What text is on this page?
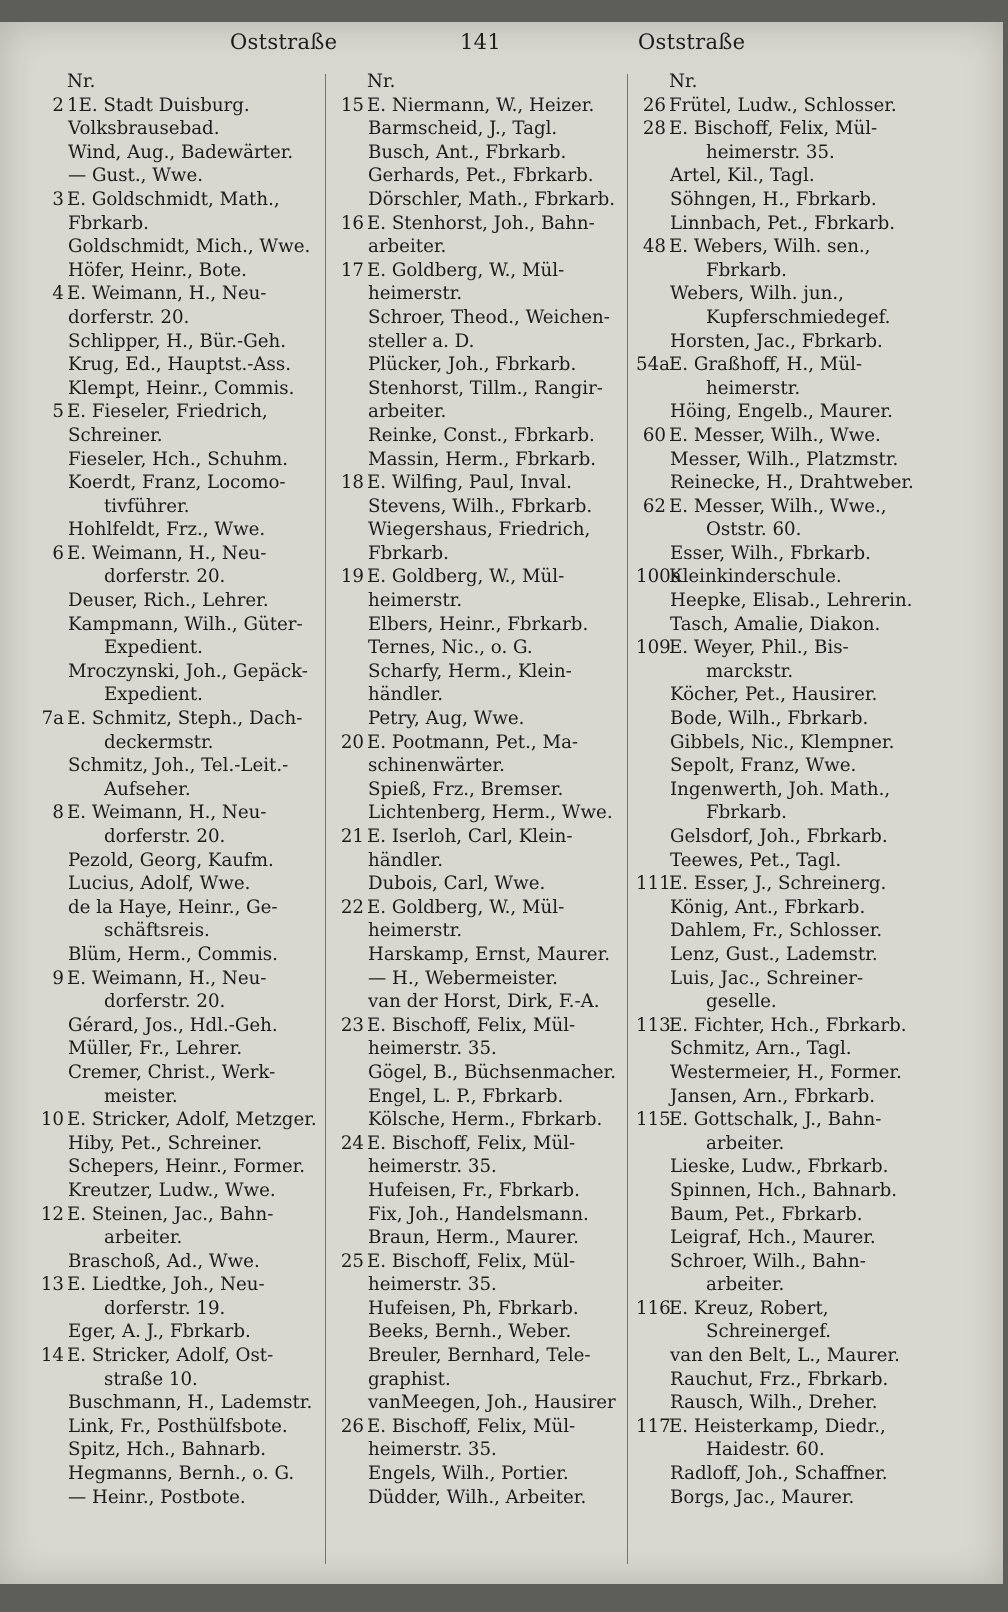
Oststraße	141	Oststraße
Nr.
2 1E. Stadt Duisburg.
Volksbrausebad.
Wind, Aug., Badewärter.
— Gust., Wwe.
3 E. Goldschmidt, Math.,
Fbrkarb.
Goldschmidt, Mich., Wwe.
Höfer, Heinr., Bote.
4 E. Weimann, H., Neu-
dorferstr. 20.
Schlipper, H., Bür.-Geh.
Krug, Ed., Hauptst.-Ass.
Klempt, Heinr., Commis.
5 E. Fieseler, Friedrich,
Schreiner.
Fieseler, Hch., Schuhm.
Koerdt, Franz, Locomo-
tivführer.
Hohlfeldt, Frz., Wwe.
6 E. Weimann, H., Neu-
dorferstr. 20.
Deuser, Rich., Lehrer.
Kampmann, Wilh., Güter-
Expedient.
Mroczynski, Joh., Gepäck-
Expedient.
7a E. Schmitz, Steph., Dach-
deckermstr.
Schmitz, Joh., Tel.-Leit.-
Aufseher.
8 E. Weimann, H., Neu-
dorferstr. 20.
Pezold, Georg, Kaufm.
Lucius, Adolf, Wwe.
de la Haye, Heinr., Ge-
schäftsreis.
Blüm, Herm., Commis.
9 E. Weimann, H., Neu-
dorferstr. 20.
Gérard, Jos., Hdl.-Geh.
Müller, Fr., Lehrer.
Cremer, Christ., Werk-
meister.
10 E. Stricker, Adolf, Metzger.
Hiby, Pet., Schreiner.
Schepers, Heinr., Former.
Kreutzer, Ludw., Wwe.
12 E. Steinen, Jac., Bahn-
arbeiter.
Braschoß, Ad., Wwe.
13 E. Liedtke, Joh., Neu-
dorferstr. 19.
Eger, A. J., Fbrkarb.
14 E. Stricker, Adolf, Ost-
straße 10.
Buschmann, H., Lademstr.
Link, Fr., Posthülfsbote.
Spitz, Hch., Bahnarb.
Hegmanns, Bernh., o. G.
— Heinr., Postbote.
Nr.
15 E. Niermann, W., Heizer.
Barmscheid, J., Tagl.
Busch, Ant., Fbrkarb.
Gerhards, Pet., Fbrkarb.
Dörschler, Math., Fbrkarb.
16 E. Stenhorst, Joh., Bahn-
arbeiter.
17 E. Goldberg, W., Mül-
heimerstr.
Schroer, Theod., Weichen-
steller a. D.
Plücker, Joh., Fbrkarb.
Stenhorst, Tillm., Rangir-
arbeiter.
Reinke, Const., Fbrkarb.
Massin, Herm., Fbrkarb.
18 E. Wilfing, Paul, Inval.
Stevens, Wilh., Fbrkarb.
Wiegershaus, Friedrich,
Fbrkarb.
19 E. Goldberg, W., Mül-
heimerstr.
Elbers, Heinr., Fbrkarb.
Ternes, Nic., o. G.
Scharfy, Herm., Klein-
händler.
Petry, Aug, Wwe.
20 E. Pootmann, Pet., Ma-
schinenwärter.
Spieß, Frz., Bremser.
Lichtenberg, Herm., Wwe.
21 E. Iserloh, Carl, Klein-
händler.
Dubois, Carl, Wwe.
22 E. Goldberg, W., Mül-
heimerstr.
Harskamp, Ernst, Maurer.
— H., Webermeister.
van der Horst, Dirk, F.-A.
23 E. Bischoff, Felix, Mül-
heimerstr. 35.
Gögel, B., Büchsenmacher.
Engel, L. P., Fbrkarb.
Kölsche, Herm., Fbrkarb.
24 E. Bischoff, Felix, Mül-
heimerstr. 35.
Hufeisen, Fr., Fbrkarb.
Fix, Joh., Handelsmann.
Braun, Herm., Maurer.
25 E. Bischoff, Felix, Mül-
heimerstr. 35.
Hufeisen, Ph, Fbrkarb.
Beeks, Bernh., Weber.
Breuler, Bernhard, Tele-
graphist.
vanMeegen, Joh., Hausirer
26 E. Bischoff, Felix, Mül-
heimerstr. 35.
Engels, Wilh., Portier.
Düdder, Wilh., Arbeiter.
Nr.
26 Frütel, Ludw., Schlosser.
28 E. Bischoff, Felix, Mül-
heimerstr. 35.
Artel, Kil., Tagl.
Söhngen, H., Fbrkarb.
Linnbach, Pet., Fbrkarb.
48 E. Webers, Wilh. sen.,
Fbrkarb.
Webers, Wilh. jun.,
Kupferschmiedegef.
Horsten, Jac., Fbrkarb.
54aE. Graßhoff, H., Mül-
heimerstr.
Höing, Engelb., Maurer.
60 E. Messer, Wilh., Wwe.
Messer, Wilh., Platzmstr.
Reinecke, H., Drahtweber.
62 E. Messer, Wilh., Wwe.,
Oststr. 60.
Esser, Wilh., Fbrkarb.
100aKleinkinderschule.
Heepke, Elisab., Lehrerin.
Tasch, Amalie, Diakon.
109E. Weyer, Phil., Bis-
marckstr.
Köcher, Pet., Hausirer.
Bode, Wilh., Fbrkarb.
Gibbels, Nic., Klempner.
Sepolt, Franz, Wwe.
Ingenwerth, Joh. Math.,
Fbrkarb.
Gelsdorf, Joh., Fbrkarb.
Teewes, Pet., Tagl.
111E. Esser, J., Schreinerg.
König, Ant., Fbrkarb.
Dahlem, Fr., Schlosser.
Lenz, Gust., Lademstr.
Luis, Jac., Schreiner-
geselle.
113E. Fichter, Hch., Fbrkarb.
Schmitz, Arn., Tagl.
Westermeier, H., Former.
Jansen, Arn., Fbrkarb.
115E. Gottschalk, J., Bahn-
arbeiter.
Lieske, Ludw., Fbrkarb.
Spinnen, Hch., Bahnarb.
Baum, Pet., Fbrkarb.
Leigraf, Hch., Maurer.
Schroer, Wilh., Bahn-
arbeiter.
116E. Kreuz, Robert,
Schreinergef.
van den Belt, L., Maurer.
Rauchut, Frz., Fbrkarb.
Rausch, Wilh., Dreher.
117E. Heisterkamp, Diedr.,
Haidestr. 60.
Radloff, Joh., Schaffner.
Borgs, Jac., Maurer.
